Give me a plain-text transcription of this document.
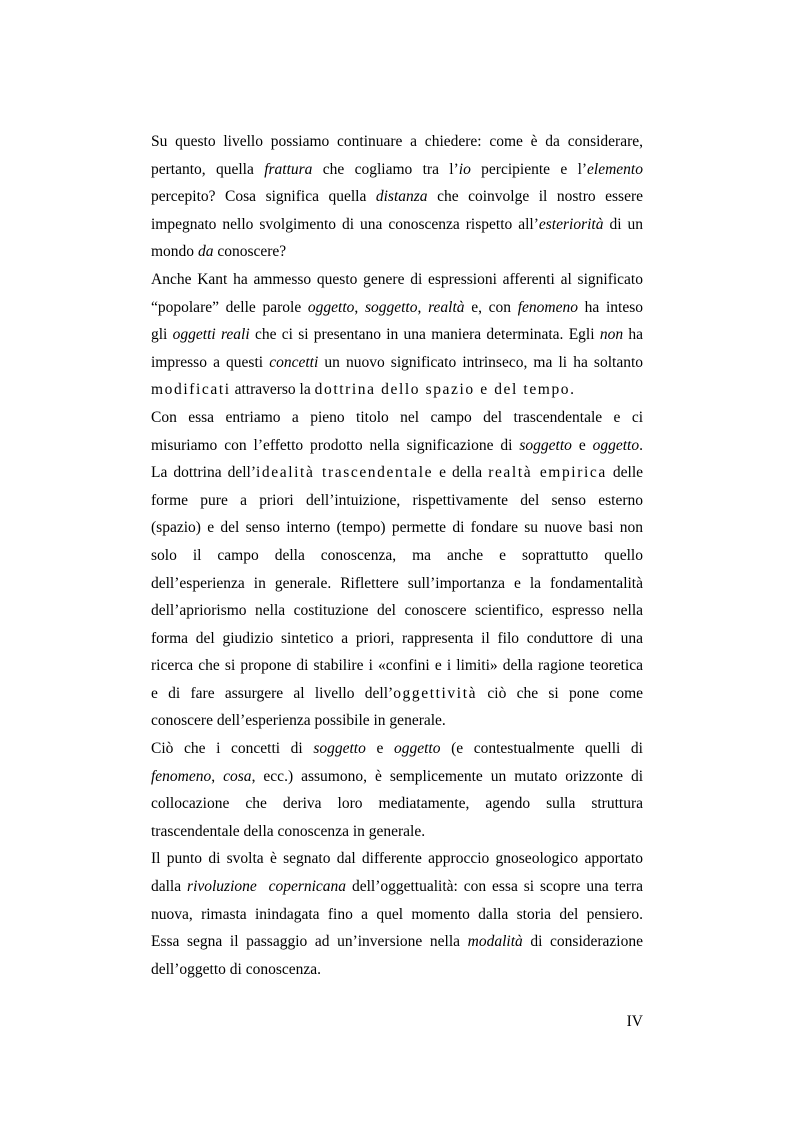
Su questo livello possiamo continuare a chiedere: come è da considerare,
pertanto, quella frattura che cogliamo tra l’io percipiente e l’elemento
percepito? Cosa significa quella distanza che coinvolge il nostro essere
impegnato nello svolgimento di una conoscenza rispetto all’esteriorità di un
mondo da conoscere?
Anche Kant ha ammesso questo genere di espressioni afferenti al significato
“popolare” delle parole oggetto, soggetto, realtà e, con fenomeno ha inteso
gli oggetti reali che ci si presentano in una maniera determinata. Egli non ha
impresso a questi concetti un nuovo significato intrinseco, ma li ha soltanto
modificati attraverso la dottrina dello spazio e del tempo.
Con essa entriamo a pieno titolo nel campo del trascendentale e ci
misuriamo con l’effetto prodotto nella significazione di soggetto e oggetto.
La dottrina dell’idealità trascendentale e della realtà empirica delle
forme pure a priori dell’intuizione, rispettivamente del senso esterno
(spazio) e del senso interno (tempo) permette di fondare su nuove basi non
solo il campo della conoscenza, ma anche e soprattutto quello
dell’esperienza in generale. Riflettere sull’importanza e la fondamentalità
dell’apriorismo nella costituzione del conoscere scientifico, espresso nella
forma del giudizio sintetico a priori, rappresenta il filo conduttore di una
ricerca che si propone di stabilire i «confini e i limiti» della ragione teoretica
e di fare assurgere al livello dell’oggettività ciò che si pone come
conoscere dell’esperienza possibile in generale.
Ciò che i concetti di soggetto e oggetto (e contestualmente quelli di
fenomeno, cosa, ecc.) assumono, è semplicemente un mutato orizzonte di
collocazione che deriva loro mediatamente, agendo sulla struttura
trascendentale della conoscenza in generale.
Il punto di svolta è segnato dal differente approccio gnoseologico apportato
dalla rivoluzione  copernicana dell’oggettualità: con essa si scopre una terra
nuova, rimasta inindagata fino a quel momento dalla storia del pensiero.
Essa segna il passaggio ad un’inversione nella modalità di considerazione
dell’oggetto di conoscenza.
IV
